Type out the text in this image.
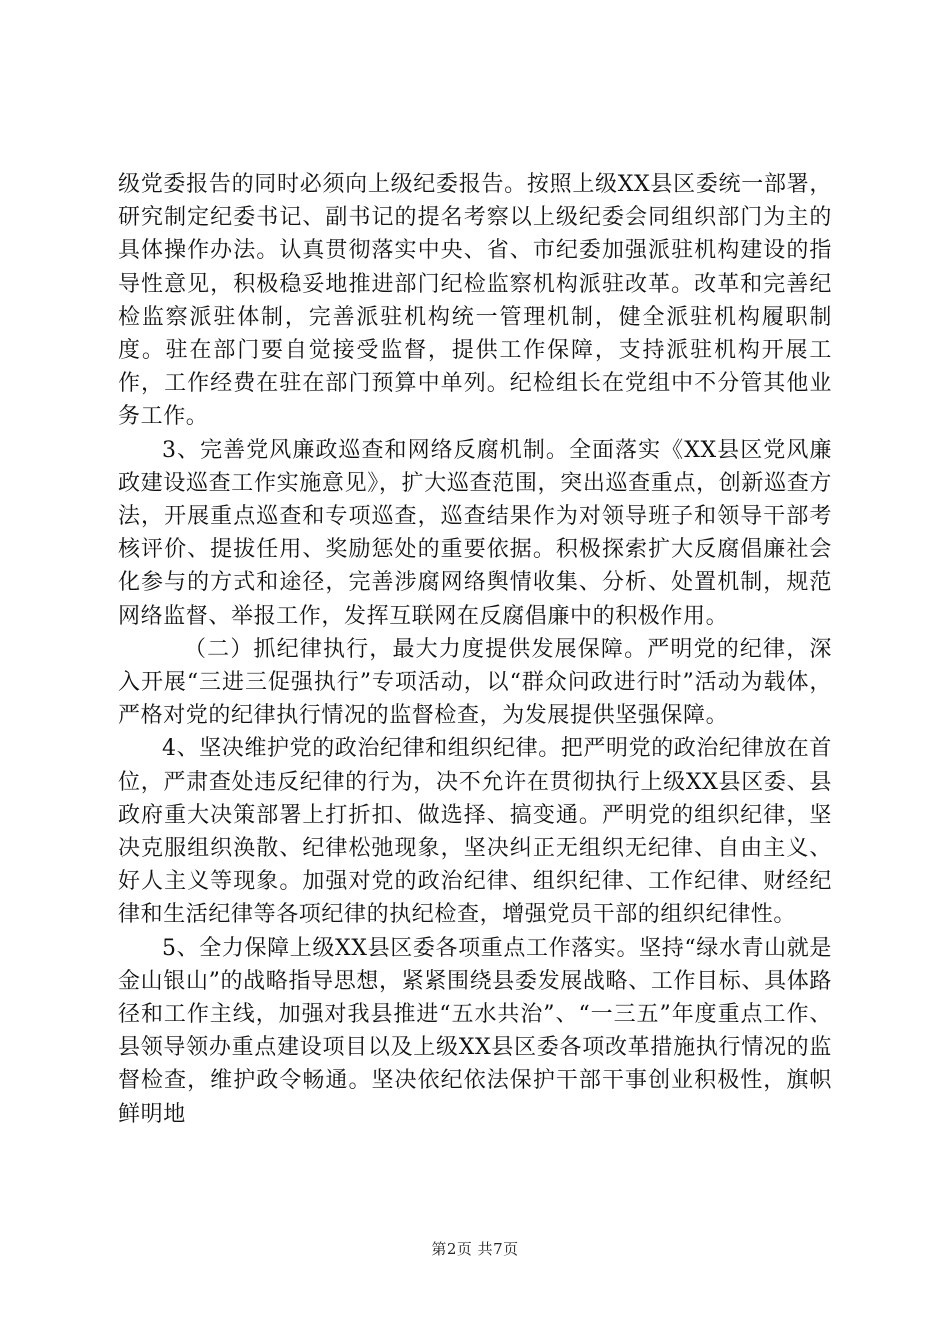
级党委报告的同时必须向上级纪委报告。按照上级XX县区委统一部署，研究制定纪委书记、副书记的提名考察以上级纪委会同组织部门为主的具体操作办法。认真贯彻落实中央、省、市纪委加强派驻机构建设的指导性意见，积极稳妥地推进部门纪检监察机构派驻改革。改革和完善纪检监察派驻体制，完善派驻机构统一管理机制，健全派驻机构履职制度。驻在部门要自觉接受监督，提供工作保障，支持派驻机构开展工作，工作经费在驻在部门预算中单列。纪检组长在党组中不分管其他业务工作。

3、完善党风廉政巡查和网络反腐机制。全面落实《XX县区党风廉政建设巡查工作实施意见》，扩大巡查范围，突出巡查重点，创新巡查方法，开展重点巡查和专项巡查，巡查结果作为对领导班子和领导干部考核评价、提拔任用、奖励惩处的重要依据。积极探索扩大反腐倡廉社会化参与的方式和途径，完善涉腐网络舆情收集、分析、处置机制，规范网络监督、举报工作，发挥互联网在反腐倡廉中的积极作用。

（二）抓纪律执行，最大力度提供发展保障。严明党的纪律，深入开展“三进三促强执行”专项活动，以“群众问政进行时”活动为载体，严格对党的纪律执行情况的监督检查，为发展提供坚强保障。

4、坚决维护党的政治纪律和组织纪律。把严明党的政治纪律放在首位，严肃查处违反纪律的行为，决不允许在贯彻执行上级XX县区委、县政府重大决策部署上打折扣、做选择、搞变通。严明党的组织纪律，坚决克服组织涣散、纪律松弛现象，坚决纠正无组织无纪律、自由主义、好人主义等现象。加强对党的政治纪律、组织纪律、工作纪律、财经纪律和生活纪律等各项纪律的执纪检查，增强党员干部的组织纪律性。

5、全力保障上级XX县区委各项重点工作落实。坚持“绿水青山就是金山银山”的战略指导思想，紧紧围绕县委发展战略、工作目标、具体路径和工作主线，加强对我县推进“五水共治”、“一三五”年度重点工作、县领导领办重点建设项目以及上级XX县区委各项改革措施执行情况的监督检查，维护政令畅通。坚决依纪依法保护干部干事创业积极性，旗帜鲜明地

第2页 共7页
